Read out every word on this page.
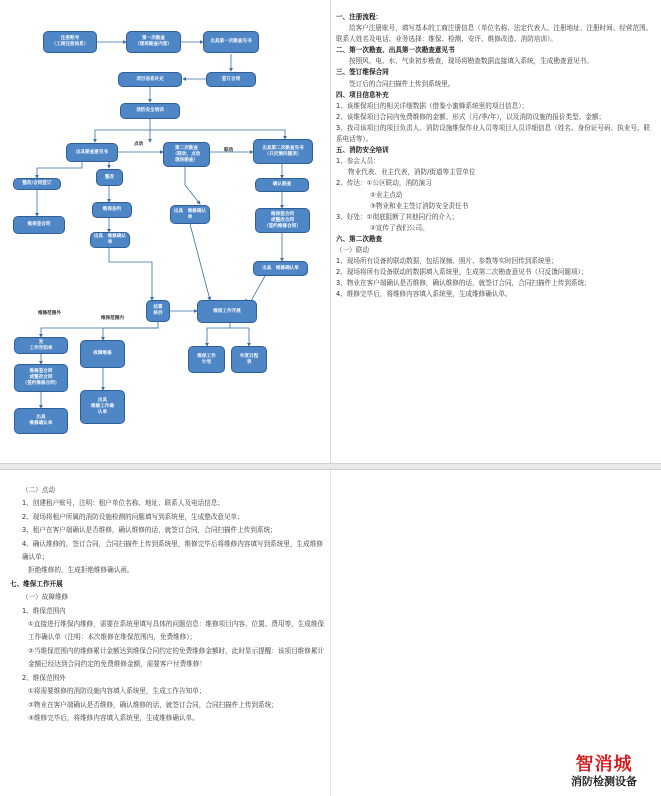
注册账号
（工商注册信息）
第一次勘查
（现场勘查内容）
出具第一次勘查见书
项目信息补充	签订合同
消防安全培训
出具勘查意见书
第二次勘查
（联动、点动
现场勘查）
出具第二次勘查见书
（只反馈问题项）
整改/合同签订
整改
确认勘查
维保签合同
维保条约
维保签合同
或整改合同
（签约维修合同）
出具　维修确认单
出具　维修确认单
出具　维修确认单
结算
核价	维保工作开展
发
工作告知单
维修签合同
或整改合同
（签约维修合同）
出具
维修确认单
故障维修
出具
维修工作确
认单
维保工作
计划
年度日程
表
点动
联动
维修范围外
维保范围内
一、注册流程：
给客户注册账号，填写基本的工商注册信息（单位名称、法定代表人、注册地址、注册时间、经营范围、联系人姓名及电话、业务选择：维保、检测、安评、维修改造、消防培训）。
二、第一次勘查、出具第一次勘查意见书
按照风、电、水、气束初步勘查，现场将勘查数据直接填入系统，生成勘查意见书。
三、签订维保合同
签订后的合同扫描件上传到系统里。
四、项目信息补充
1、该维保项目的相关详细数据（借鉴小蜜蜂系统里的项目信息）；
2、该维保项目合同内免费维修的金额、形式（月/季/年），以及消防设施的报价类型、金额；
3、我司该项目的项目负责人、消防设施维保作业人员等项目人员详细信息（姓名、身份证号码、执业号、联系电话等）。
五、消防安全培训
1、参会人员：
物业代表、业主代表，消防/街道等主管单位
2、传达：①公区联动，消防演习
②业主点动
③物业和业主签订消防安全责任书
3、好处：①彻底阻断了其他同行的介入；
②宣传了我们公司。
六、第二次勘查
（一）联动
1、现场所有设备的联动数据，包括视频、照片、参数等实时回传到系统里；
2、现场将所有设备联动的数据填入系统里，生成第二次勘查意见书（只反馈问题项）；
3、物业在客户端确认是否维修，确认维修的话，就签订合同，合同扫描件上传到系统；
4、维修完毕后，将维修内容填入系统里，生成维修确认单。
（二）点动
1、创建租户账号，注明：租户单位名称、地址、联系人及电话信息；
2、现场将租户所属的消防设施检测的问题填写到系统里，生成整改意见单；
3、租户在客户端确认是否维修，确认维修的话，就签订合同，合同扫描件上传到系统；
4、确认维修的，签订合同，合同扫描件上传到系统里，维修完毕后将维修内容填写到系统里，生成维修确认单；
拒绝维修的，生成拒绝维修确认函。
七、维保工作开展
（一）故障维修
1、维保范围内
①直接进行维保内维修，需要在系统里填写具体的问题信息：维修项目内容、位置、费用等，生成维保工作确认单（注明：本次维修在维保范围内，免费维修）；
②当维保范围内的维修累计金额达到维保合同约定的免费维修金额时，此时显示提醒：该项目维修累计金额已经达到合同约定的免费维修金额，需要客户付费维修！
2、维保范围外
①将需要维修的消防设施内容填入系统里，生成工作告知单；
②物业在客户端确认是否维修，确认维修的话，就签订合同，合同扫描件上传到系统；
③维修完毕后，将维修内容填入系统里，生成维修确认单。
智消城
消防检测设备
